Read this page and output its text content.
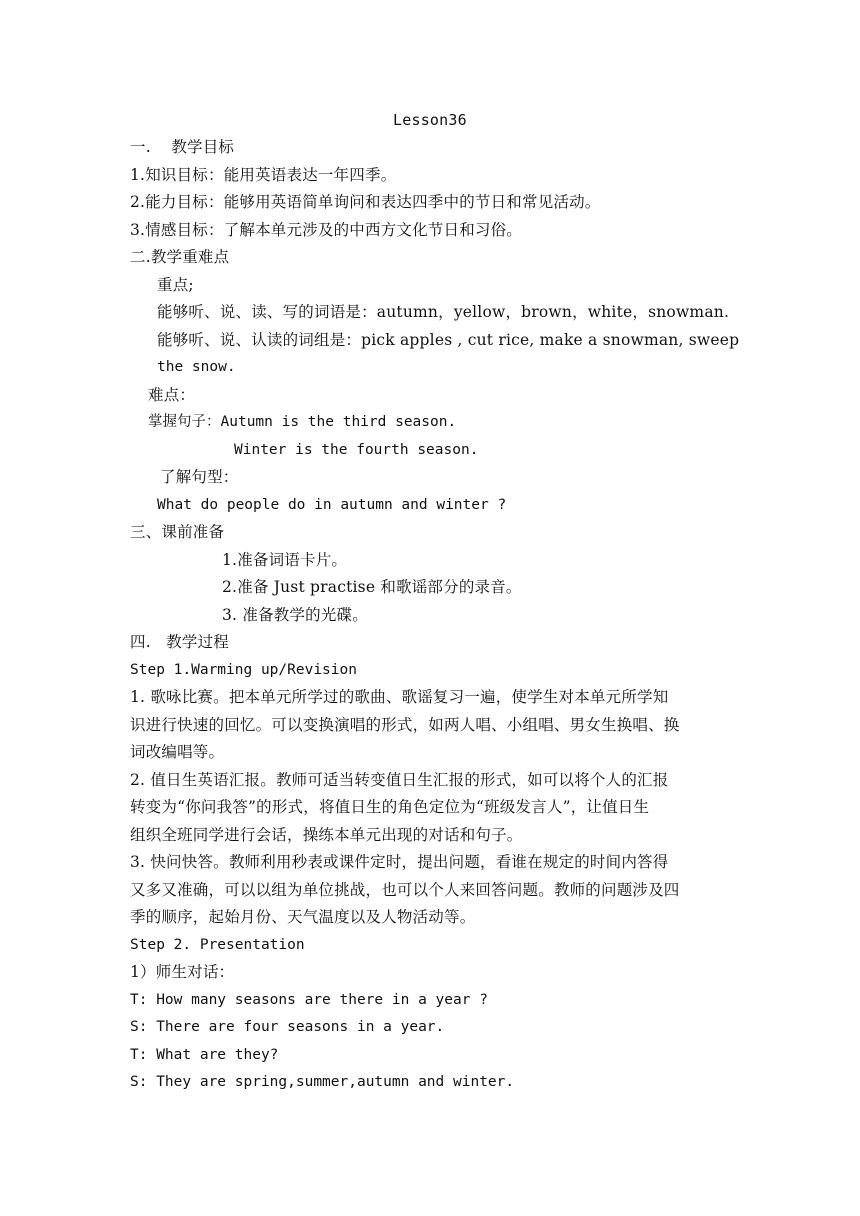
Lesson36
一.    教学目标
1.知识目标：能用英语表达一年四季。
2.能力目标：能够用英语简单询问和表达四季中的节日和常见活动。
3.情感目标：了解本单元涉及的中西方文化节日和习俗。
二.教学重难点
重点;
能够听、说、读、写的词语是：autumn，yellow，brown，white，snowman.
能够听、说、认读的词组是：pick apples , cut rice, make a snowman, sweep
the snow.
难点：
掌握句子：Autumn is the third season.
Winter is the fourth season.
了解句型：
What do people do in autumn and winter ?
三、课前准备
1.准备词语卡片。
2.准备 Just practise 和歌谣部分的录音。
3. 准备教学的光碟。
四.   教学过程
Step 1.Warming up/Revision
1. 歌咏比赛。把本单元所学过的歌曲、歌谣复习一遍，使学生对本单元所学知
识进行快速的回忆。可以变换演唱的形式，如两人唱、小组唱、男女生换唱、换
词改编唱等。
2. 值日生英语汇报。教师可适当转变值日生汇报的形式，如可以将个人的汇报
转变为“你问我答”的形式，将值日生的角色定位为“班级发言人”，让值日生
组织全班同学进行会话，操练本单元出现的对话和句子。
3. 快问快答。教师利用秒表或课件定时，提出问题，看谁在规定的时间内答得
又多又准确，可以以组为单位挑战，也可以个人来回答问题。教师的问题涉及四
季的顺序，起始月份、天气温度以及人物活动等。
Step 2. Presentation
1）师生对话：
T: How many seasons are there in a year ?
S: There are four seasons in a year.
T: What are they?
S: They are spring,summer,autumn and winter.
